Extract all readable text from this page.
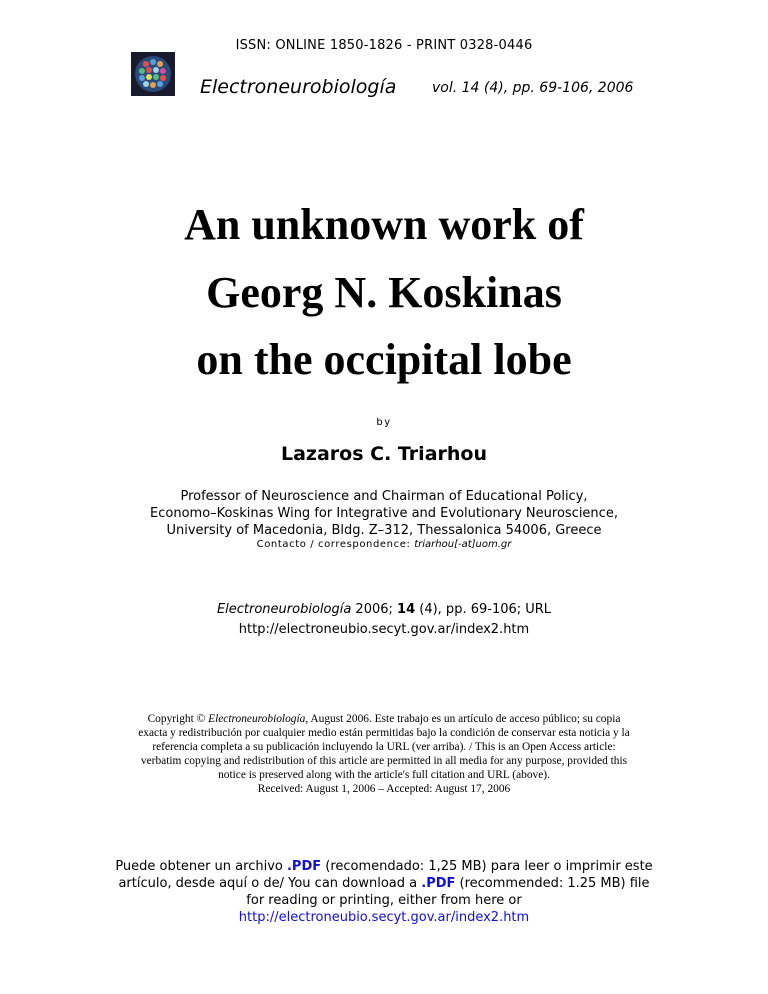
ISSN: ONLINE 1850-1826 - PRINT 0328-0446
Electroneurobiología	vol. 14 (4), pp. 69-106, 2006
An unknown work of
Georg N. Koskinas
on the occipital lobe
by
Lazaros C. Triarhou
Professor of Neuroscience and Chairman of Educational Policy,
Economo–Koskinas Wing for Integrative and Evolutionary Neuroscience,
University of Macedonia, Bldg. Z–312, Thessalonica 54006, Greece
Contacto / correspondence: triarhou[-at]uom.gr
Electroneurobiología 2006; 14 (4), pp. 69-106; URL
http://electroneubio.secyt.gov.ar/index2.htm
Copyright © Electroneurobiología, August 2006. Este trabajo es un artículo de acceso público; su copia exacta y redistribución por cualquier medio están permitidas bajo la condición de conservar esta noticia y la referencia completa a su publicación incluyendo la URL (ver arriba). / This is an Open Access article: verbatim copying and redistribution of this article are permitted in all media for any purpose, provided this notice is preserved along with the article's full citation and URL (above).
Received: August 1, 2006 – Accepted: August 17, 2006
Puede obtener un archivo .PDF (recomendado: 1,25 MB) para leer o imprimir este artículo, desde aquí o de/ You can download a .PDF (recommended: 1.25 MB) file for reading or printing, either from here or http://electroneubio.secyt.gov.ar/index2.htm
